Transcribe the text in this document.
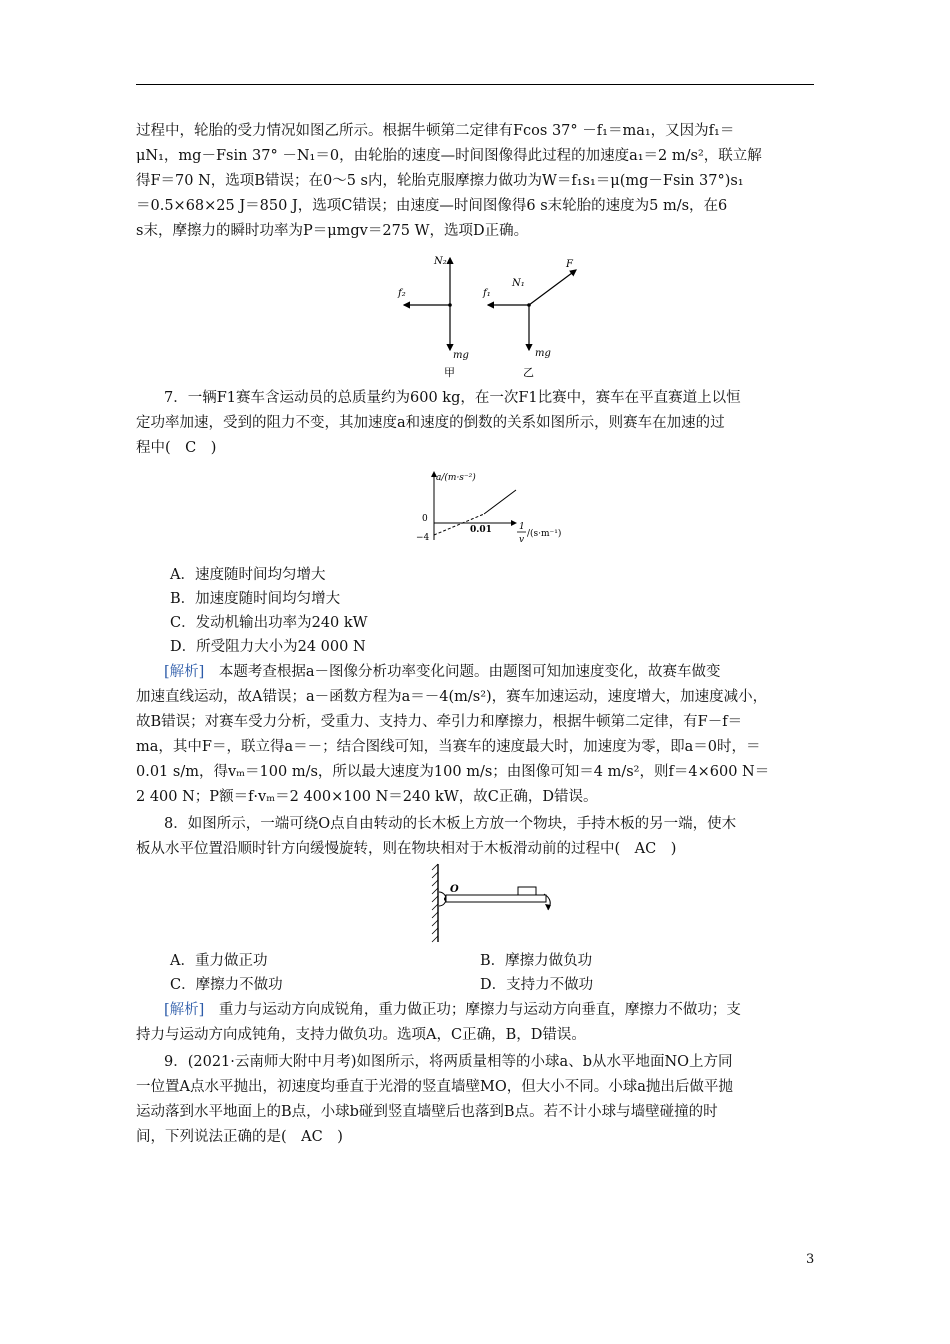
过程中，轮胎的受力情况如图乙所示。根据牛顿第二定律有Fcos 37° －f₁＝ma₁，又因为f₁＝
μN₁，mg－Fsin 37° －N₁＝0，由轮胎的速度—时间图像得此过程的加速度a₁＝2 m/s²，联立解
得F＝70 N，选项B错误；在0～5 s内，轮胎克服摩擦力做功为W＝f₁s₁＝μ(mg－Fsin 37°)s₁
＝0.5×68×25 J＝850 J，选项C错误；由速度—时间图像得6 s末轮胎的速度为5 m/s，在6
s末，摩擦力的瞬时功率为P＝μmgv＝275 W，选项D正确。
N₂
f₂
mg
甲
N₁
f₁
F
mg
乙
7．一辆F1赛车含运动员的总质量约为600 kg，在一次F1比赛中，赛车在平直赛道上以恒
定功率加速，受到的阻力不变，其加速度a和速度的倒数的关系如图所示，则赛车在加速的过
程中(　C　)
a/(m·s⁻²)
0
−4
0.01	1
v
/(s·m⁻¹)
A．速度随时间均匀增大
B．加速度随时间均匀增大
C．发动机输出功率为240 kW
D．所受阻力大小为24 000 N
[解析]　本题考查根据a－图像分析功率变化问题。由题图可知加速度变化，故赛车做变
加速直线运动，故A错误；a－函数方程为a＝－4(m/s²)，赛车加速运动，速度增大，加速度减小，
故B错误；对赛车受力分析，受重力、支持力、牵引力和摩擦力，根据牛顿第二定律，有F－f＝
ma，其中F＝，联立得a＝－；结合图线可知，当赛车的速度最大时，加速度为零，即a＝0时，＝
0.01 s/m，得vₘ＝100 m/s，所以最大速度为100 m/s；由图像可知＝4 m/s²，则f＝4×600 N＝
2 400 N；P额＝f·vₘ＝2 400×100 N＝240 kW，故C正确，D错误。
8．如图所示，一端可绕O点自由转动的长木板上方放一个物块，手持木板的另一端，使木
板从水平位置沿顺时针方向缓慢旋转，则在物块相对于木板滑动前的过程中(　AC　)
O
A．重力做正功	B．摩擦力做负功
C．摩擦力不做功	D．支持力不做功
[解析]　重力与运动方向成锐角，重力做正功；摩擦力与运动方向垂直，摩擦力不做功；支
持力与运动方向成钝角，支持力做负功。选项A，C正确，B，D错误。
9．(2021·云南师大附中月考)如图所示，将两质量相等的小球a、b从水平地面NO上方同
一位置A点水平抛出，初速度均垂直于光滑的竖直墙壁MO，但大小不同。小球a抛出后做平抛
运动落到水平地面上的B点，小球b碰到竖直墙壁后也落到B点。若不计小球与墙壁碰撞的时
间，下列说法正确的是(　AC　)
3
